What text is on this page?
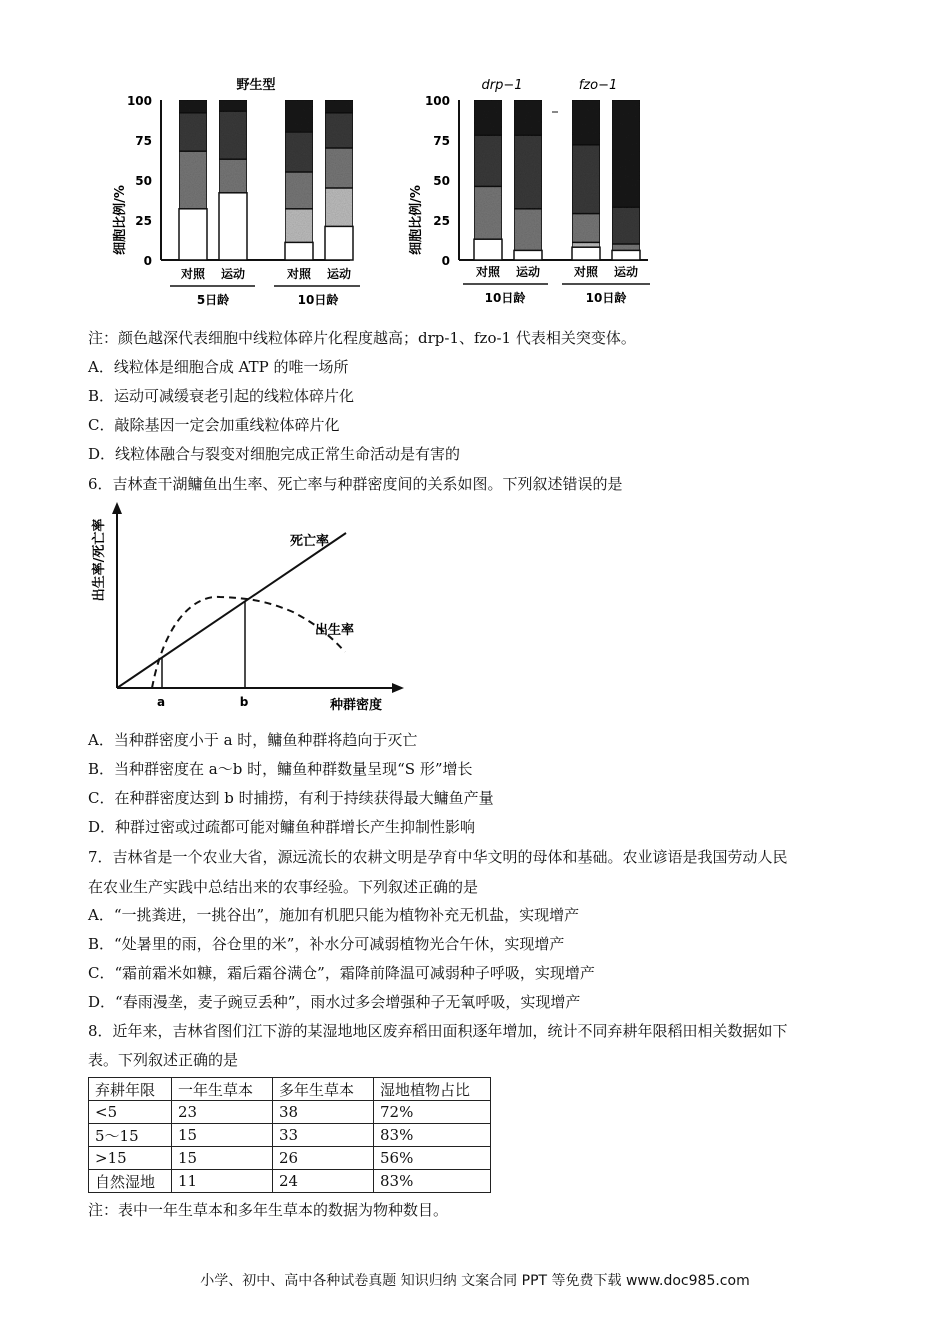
野生型
细胞比例/%
100
75
50
25
0
对照 运动	对照 运动
5日龄	10日龄
drp−1	fzo−1
细胞比例/%
100
75
50
25
0
对照 运动	对照 运动
10日龄	10日龄
注：颜色越深代表细胞中线粒体碎片化程度越高；drp-1、fzo-1 代表相关突变体。
A．线粒体是细胞合成 ATP 的唯一场所
B．运动可减缓衰老引起的线粒体碎片化
C．敲除基因一定会加重线粒体碎片化
D．线粒体融合与裂变对细胞完成正常生命活动是有害的
6．吉林查干湖鳙鱼出生率、死亡率与种群密度间的关系如图。下列叙述错误的是
a	b
死亡率
出生率
种群密度
出生率/死亡率
A．当种群密度小于 a 时，鳙鱼种群将趋向于灭亡
B．当种群密度在 a～b 时，鳙鱼种群数量呈现“S 形”增长
C．在种群密度达到 b 时捕捞，有利于持续获得最大鳙鱼产量
D．种群过密或过疏都可能对鳙鱼种群增长产生抑制性影响
7．吉林省是一个农业大省，源远流长的农耕文明是孕育中华文明的母体和基础。农业谚语是我国劳动人民
在农业生产实践中总结出来的农事经验。下列叙述正确的是
A．“一挑粪进，一挑谷出”，施加有机肥只能为植物补充无机盐，实现增产
B．“处暑里的雨，谷仓里的米”，补水分可减弱植物光合午休，实现增产
C．“霜前霜米如糠，霜后霜谷满仓”，霜降前降温可减弱种子呼吸，实现增产
D．“春雨漫垄，麦子豌豆丢种”，雨水过多会增强种子无氧呼吸，实现增产
8．近年来，吉林省图们江下游的某湿地地区废弃稻田面积逐年增加，统计不同弃耕年限稻田相关数据如下
表。下列叙述正确的是
弃耕年限	一年生草本	多年生草本	湿地植物占比
<5	23	38	72%
5～15	15	33	83%
>15	15	26	56%
自然湿地	11	24	83%
注：表中一年生草本和多年生草本的数据为物种数目。
小学、初中、高中各种试卷真题 知识归纳 文案合同 PPT 等免费下载 www.doc985.com
